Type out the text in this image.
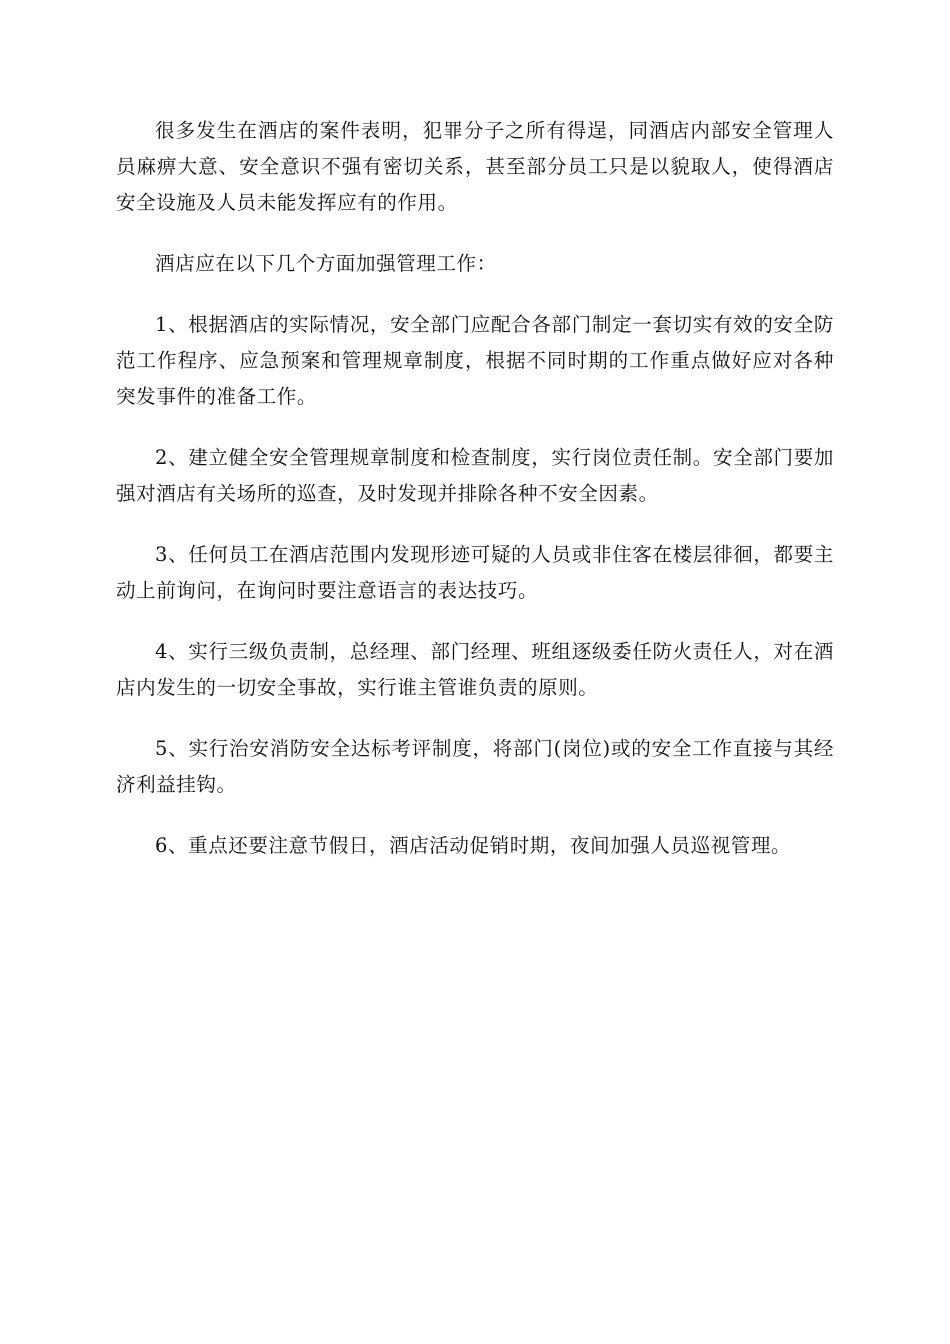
很多发生在酒店的案件表明，犯罪分子之所有得逞，同酒店内部安全管理人员麻痹大意、安全意识不强有密切关系，甚至部分员工只是以貌取人，使得酒店安全设施及人员未能发挥应有的作用。

酒店应在以下几个方面加强管理工作：

1、根据酒店的实际情况，安全部门应配合各部门制定一套切实有效的安全防范工作程序、应急预案和管理规章制度，根据不同时期的工作重点做好应对各种突发事件的准备工作。

2、建立健全安全管理规章制度和检查制度，实行岗位责任制。安全部门要加强对酒店有关场所的巡查，及时发现并排除各种不安全因素。

3、任何员工在酒店范围内发现形迹可疑的人员或非住客在楼层徘徊，都要主动上前询问，在询问时要注意语言的表达技巧。

4、实行三级负责制，总经理、部门经理、班组逐级委任防火责任人，对在酒店内发生的一切安全事故，实行谁主管谁负责的原则。

5、实行治安消防安全达标考评制度，将部门(岗位)或的安全工作直接与其经济利益挂钩。

6、重点还要注意节假日，酒店活动促销时期，夜间加强人员巡视管理。
